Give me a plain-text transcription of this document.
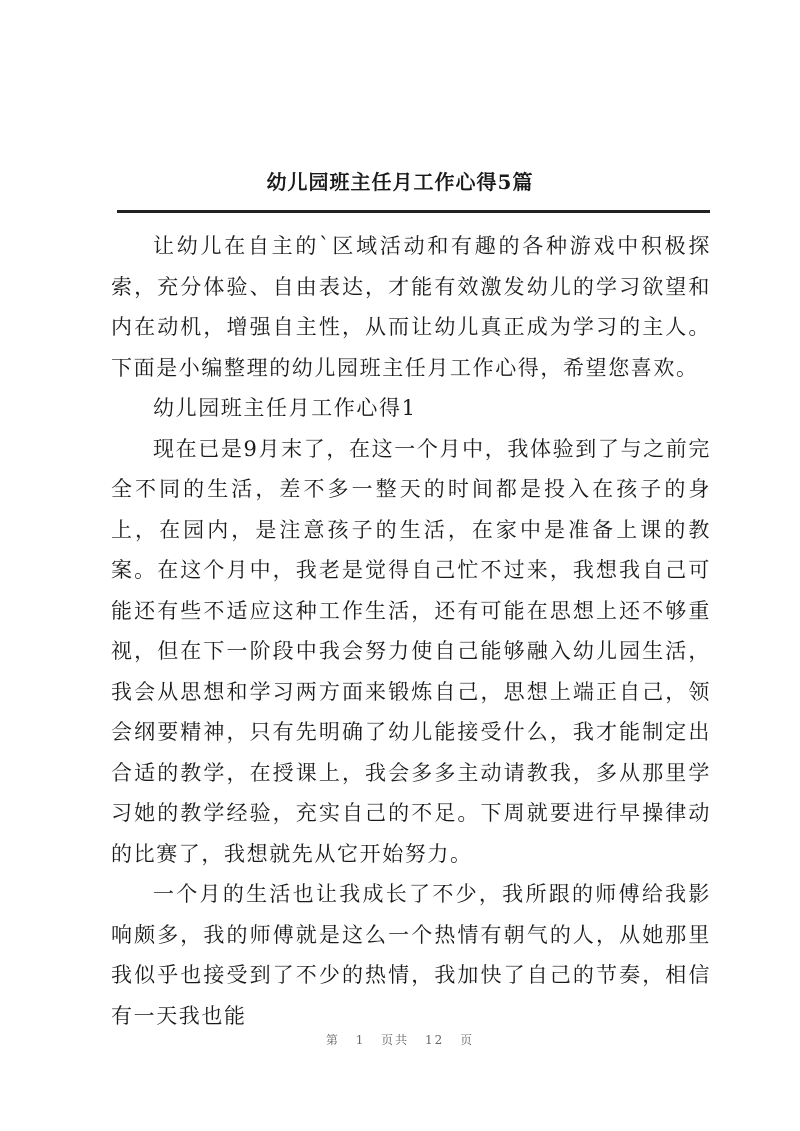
幼儿园班主任月工作心得5篇

让幼儿在自主的`区域活动和有趣的各种游戏中积极探索，充分体验、自由表达，才能有效激发幼儿的学习欲望和内在动机，增强自主性，从而让幼儿真正成为学习的主人。下面是小编整理的幼儿园班主任月工作心得，希望您喜欢。

幼儿园班主任月工作心得1

现在已是9月末了，在这一个月中，我体验到了与之前完全不同的生活，差不多一整天的时间都是投入在孩子的身上，在园内，是注意孩子的生活，在家中是准备上课的教案。在这个月中，我老是觉得自己忙不过来，我想我自己可能还有些不适应这种工作生活，还有可能在思想上还不够重视，但在下一阶段中我会努力使自己能够融入幼儿园生活，我会从思想和学习两方面来锻炼自己，思想上端正自己，领会纲要精神，只有先明确了幼儿能接受什么，我才能制定出合适的教学，在授课上，我会多多主动请教我，多从那里学习她的教学经验，充实自己的不足。下周就要进行早操律动的比赛了，我想就先从它开始努力。

一个月的生活也让我成长了不少，我所跟的师傅给我影响颇多，我的师傅就是这么一个热情有朝气的人，从她那里我似乎也接受到了不少的热情，我加快了自己的节奏，相信有一天我也能

第 1 页共 12 页
